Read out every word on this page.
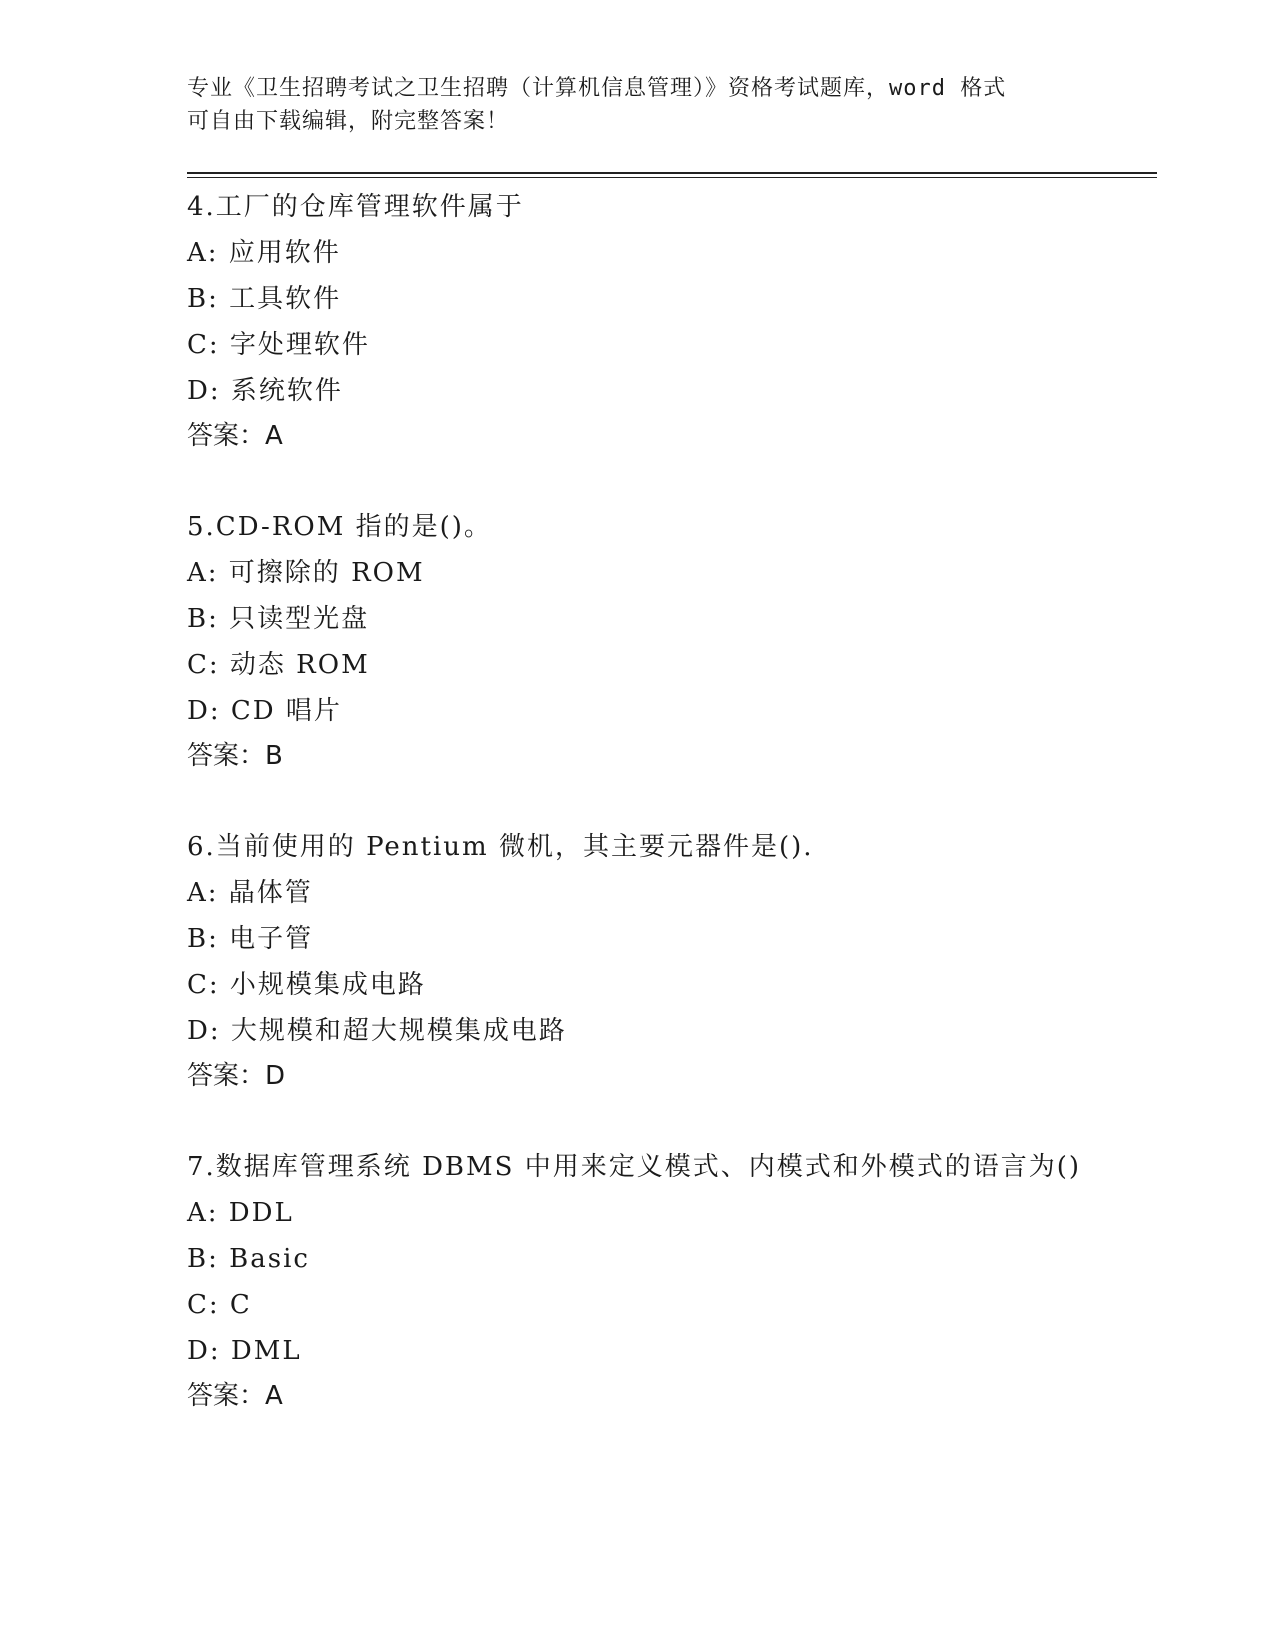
专业《卫生招聘考试之卫生招聘（计算机信息管理）》资格考试题库，word 格式
可自由下载编辑，附完整答案！
4.工厂的仓库管理软件属于
A: 应用软件
B: 工具软件
C: 字处理软件
D: 系统软件
答案：A
5.CD-ROM 指的是()。
A: 可擦除的 ROM
B: 只读型光盘
C: 动态 ROM
D: CD 唱片
答案：B
6.当前使用的 Pentium 微机，其主要元器件是().
A: 晶体管
B: 电子管
C: 小规模集成电路
D: 大规模和超大规模集成电路
答案：D
7.数据库管理系统 DBMS 中用来定义模式、内模式和外模式的语言为()
A: DDL
B: Basic
C: C
D: DML
答案：A
